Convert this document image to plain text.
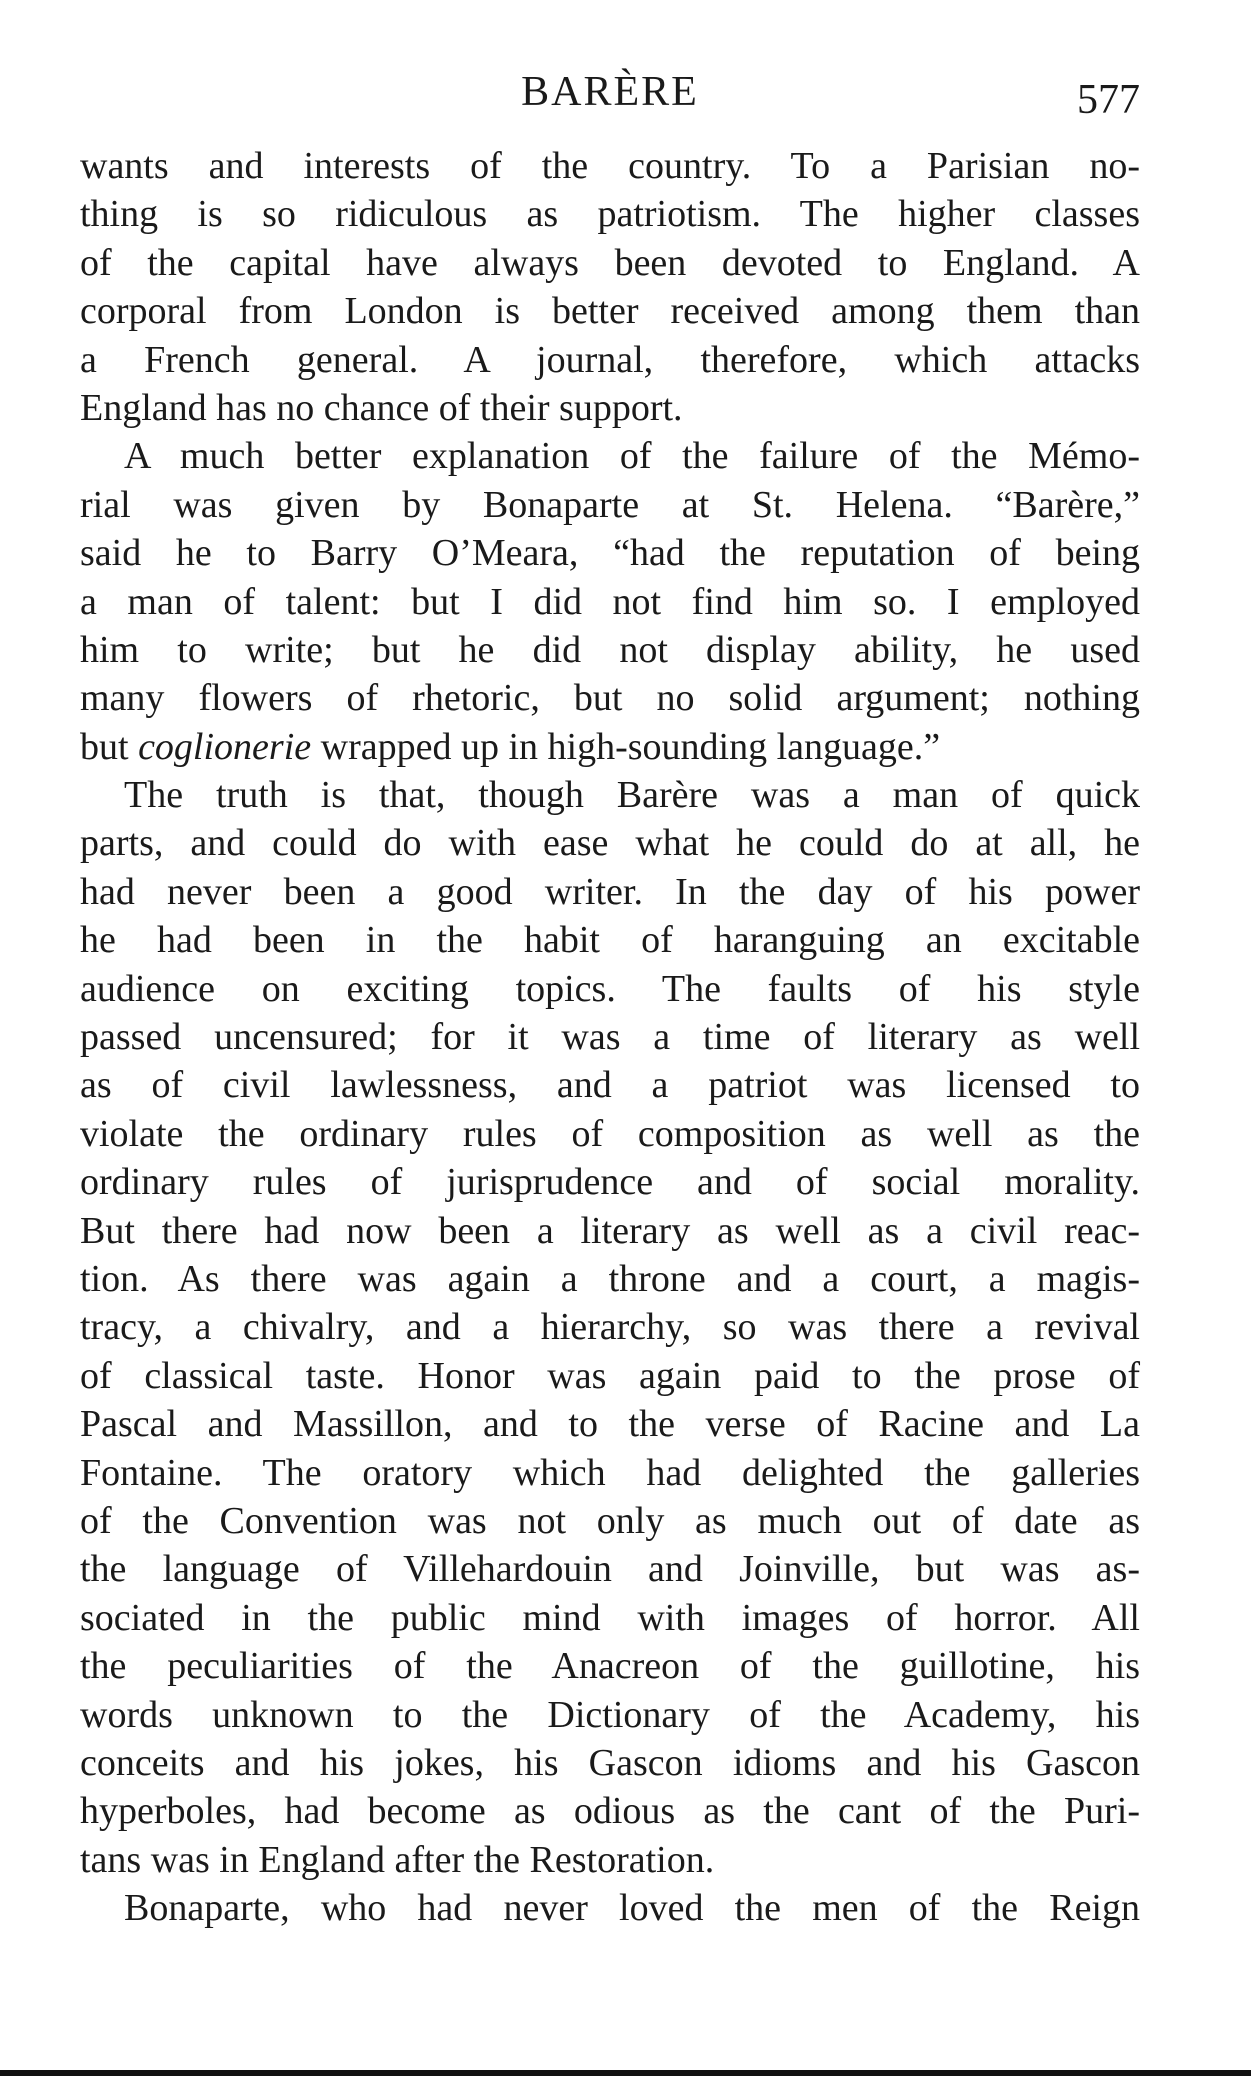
BARÈRE	577
wants and interests of the country. To a Parisian no-
thing is so ridiculous as patriotism. The higher classes
of the capital have always been devoted to England. A
corporal from London is better received among them than
a French general. A journal, therefore, which attacks
England has no chance of their support.
A much better explanation of the failure of the Mémo-
rial was given by Bonaparte at St. Helena. “Barère,”
said he to Barry O’Meara, “had the reputation of being
a man of talent: but I did not find him so. I employed
him to write; but he did not display ability, he used
many flowers of rhetoric, but no solid argument; nothing
but coglionerie wrapped up in high-sounding language.”
The truth is that, though Barère was a man of quick
parts, and could do with ease what he could do at all, he
had never been a good writer. In the day of his power
he had been in the habit of haranguing an excitable
audience on exciting topics. The faults of his style
passed uncensured; for it was a time of literary as well
as of civil lawlessness, and a patriot was licensed to
violate the ordinary rules of composition as well as the
ordinary rules of jurisprudence and of social morality.
But there had now been a literary as well as a civil reac-
tion. As there was again a throne and a court, a magis-
tracy, a chivalry, and a hierarchy, so was there a revival
of classical taste. Honor was again paid to the prose of
Pascal and Massillon, and to the verse of Racine and La
Fontaine. The oratory which had delighted the galleries
of the Convention was not only as much out of date as
the language of Villehardouin and Joinville, but was as-
sociated in the public mind with images of horror. All
the peculiarities of the Anacreon of the guillotine, his
words unknown to the Dictionary of the Academy, his
conceits and his jokes, his Gascon idioms and his Gascon
hyperboles, had become as odious as the cant of the Puri-
tans was in England after the Restoration.
Bonaparte, who had never loved the men of the Reign
